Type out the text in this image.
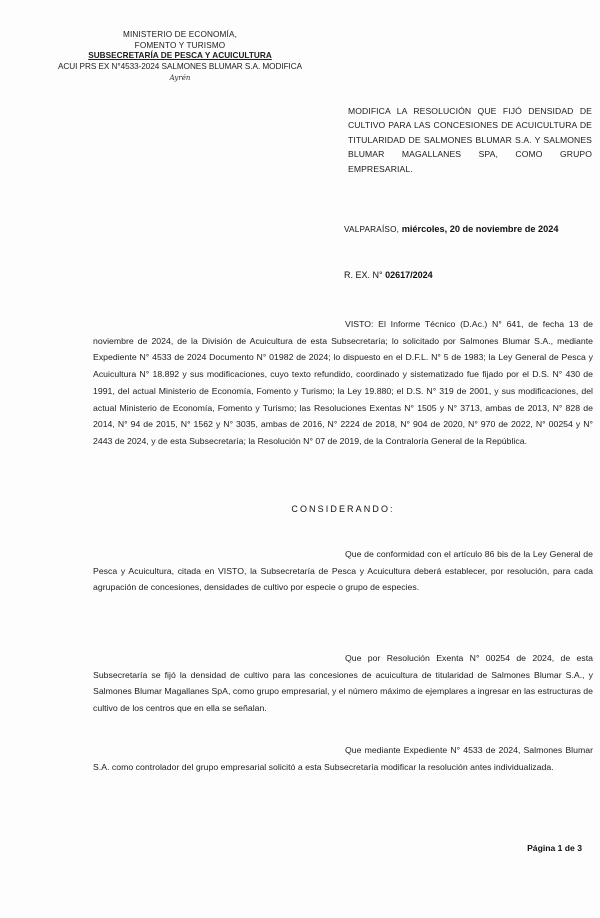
MINISTERIO DE ECONOMÍA,
FOMENTO Y TURISMO
SUBSECRETARÍA DE PESCA Y ACUICULTURA
ACUI PRS EX N°4533-2024 SALMONES BLUMAR S.A. MODIFICA
Ayrén
MODIFICA LA RESOLUCIÓN QUE FIJÓ DENSIDAD DE CULTIVO PARA LAS CONCESIONES DE ACUICULTURA DE TITULARIDAD DE SALMONES BLUMAR S.A. Y SALMONES BLUMAR MAGALLANES SPA, COMO GRUPO EMPRESARIAL.
VALPARAÍSO, miércoles, 20 de noviembre de 2024
R. EX. N° 02617/2024
VISTO: El Informe Técnico (D.Ac.) N° 641, de fecha 13 de noviembre de 2024, de la División de Acuicultura de esta Subsecretaría; lo solicitado por Salmones Blumar S.A., mediante Expediente N° 4533 de 2024 Documento N° 01982 de 2024; lo dispuesto en el D.F.L. N° 5 de 1983; la Ley General de Pesca y Acuicultura N° 18.892 y sus modificaciones, cuyo texto refundido, coordinado y sistematizado fue fijado por el D.S. N° 430 de 1991, del actual Ministerio de Economía, Fomento y Turismo; la Ley 19.880; el D.S. N° 319 de 2001, y sus modificaciones, del actual Ministerio de Economía, Fomento y Turismo; las Resoluciones Exentas N° 1505 y N° 3713, ambas de 2013, N° 828 de 2014, N° 94 de 2015, N° 1562 y N° 3035, ambas de 2016, N° 2224 de 2018, N° 904 de 2020, N° 970 de 2022, N° 00254 y N° 2443 de 2024, y de esta Subsecretaría; la Resolución N° 07 de 2019, de la Contraloría General de la República.
CONSIDERANDO:
Que de conformidad con el artículo 86 bis de la Ley General de Pesca y Acuicultura, citada en VISTO, la Subsecretaría de Pesca y Acuicultura deberá establecer, por resolución, para cada agrupación de concesiones, densidades de cultivo por especie o grupo de especies.
Que por Resolución Exenta N° 00254 de 2024, de esta Subsecretaría se fijó la densidad de cultivo para las concesiones de acuicultura de titularidad de Salmones Blumar S.A., y Salmones Blumar Magallanes SpA, como grupo empresarial, y el número máximo de ejemplares a ingresar en las estructuras de cultivo de los centros que en ella se señalan.
Que mediante Expediente N° 4533 de 2024, Salmones Blumar S.A. como controlador del grupo empresarial solicitó a esta Subsecretaría modificar la resolución antes individualizada.
Página 1 de 3
